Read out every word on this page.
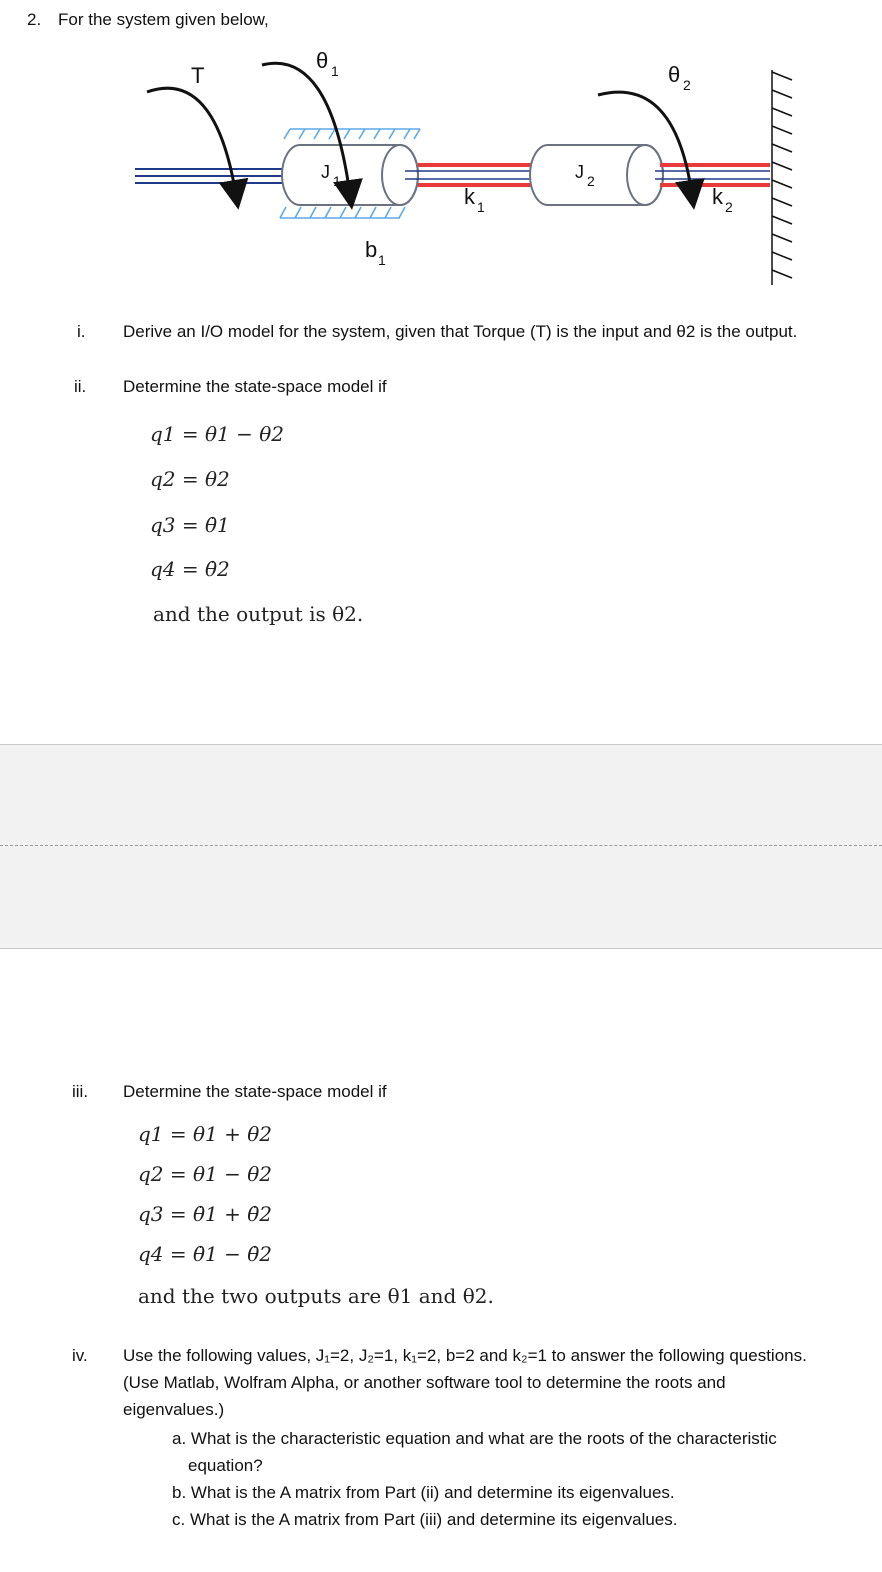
2. For the system given below,
T
θ 1	θ 2
J 1	J 2
k 1	k 2
b 1
i. Derive an I/O model for the system, given that Torque (T) is the input and θ2 is the output.
ii. Determine the state-space model if
q1 = θ1 − θ2
q2 = θ2
q3 = θ̇1
q4 = θ̇2
and the output is θ2.
iii. Determine the state-space model if
q1 = θ1 + θ2
q2 = θ1 − θ2
q3 = θ̇1 + θ̇2
q4 = θ̇1 − θ̇2
and the two outputs are θ1 and θ2.
iv. Use the following values, J₁=2, J₂=1, k₁=2, b=2 and k₂=1 to answer the following questions.
(Use Matlab, Wolfram Alpha, or another software tool to determine the roots and
eigenvalues.)
a. What is the characteristic equation and what are the roots of the characteristic
equation?
b. What is the A matrix from Part (ii) and determine its eigenvalues.
c. What is the A matrix from Part (iii) and determine its eigenvalues.
